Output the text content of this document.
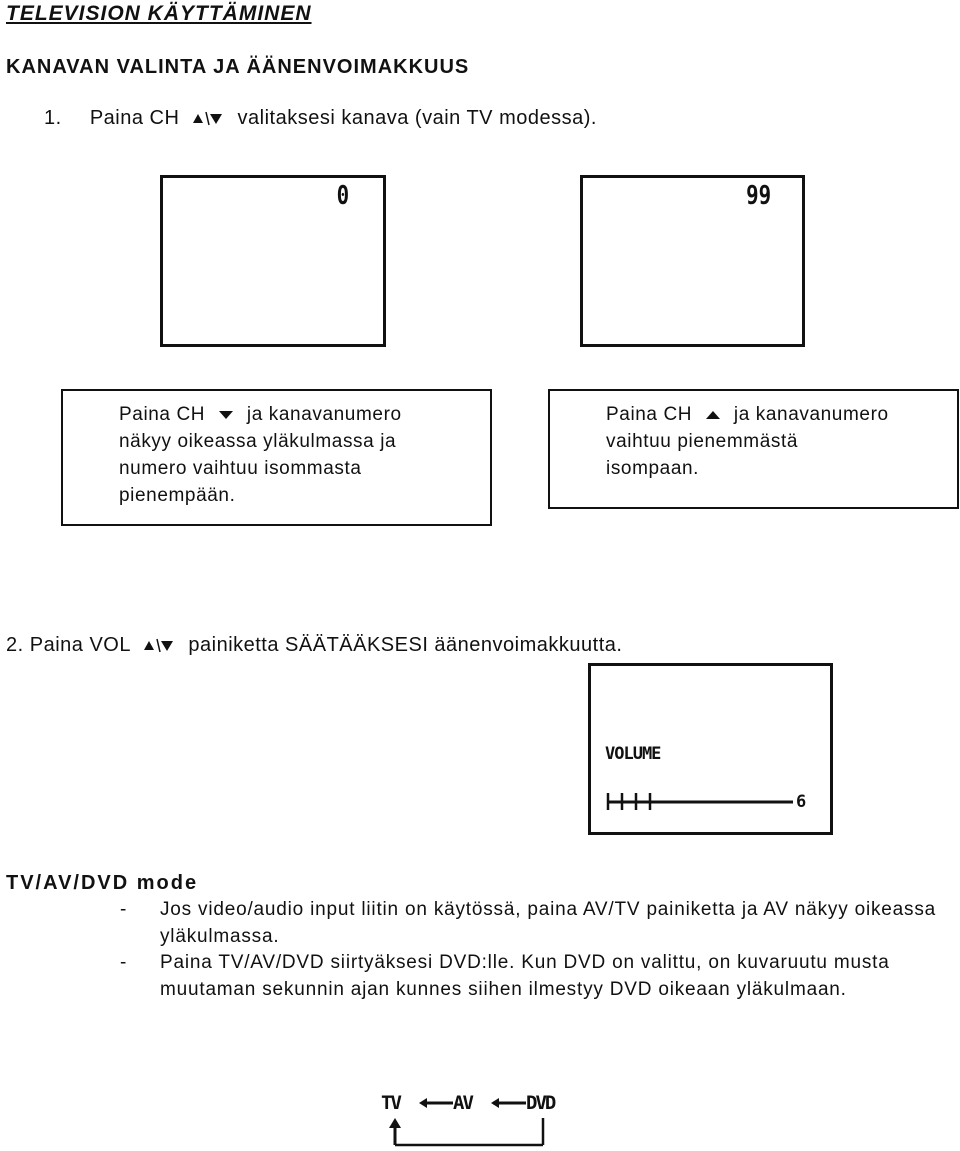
TELEVISION KÄYTTÄMINEN
KANAVAN VALINTA JA ÄÄNENVOIMAKKUUS
1. Paina CH	valitaksesi kanava (vain TV modessa).
0	99

Paina CH ja kanavanumero

näkyy oikeassa yläkulmassa ja

numero vaihtuu isommasta

pienempään.

Paina CH ja kanavanumero

vaihtuu pienemmästä

isompaan.

2. Paina VOL	painiketta SÄÄTÄÄKSESI äänenvoimakkuutta.
VOLUME
6
TV/AV/DVD mode
- Jos video/audio input liitin on käytössä, paina AV/TV painiketta ja AV näkyy oikeassa yläkulmassa.
- Paina TV/AV/DVD siirtyäksesi DVD:lle. Kun DVD on valittu, on kuvaruutu musta muutaman sekunnin ajan kunnes siihen ilmestyy DVD oikeaan yläkulmaan.
TV	AV	DVD
